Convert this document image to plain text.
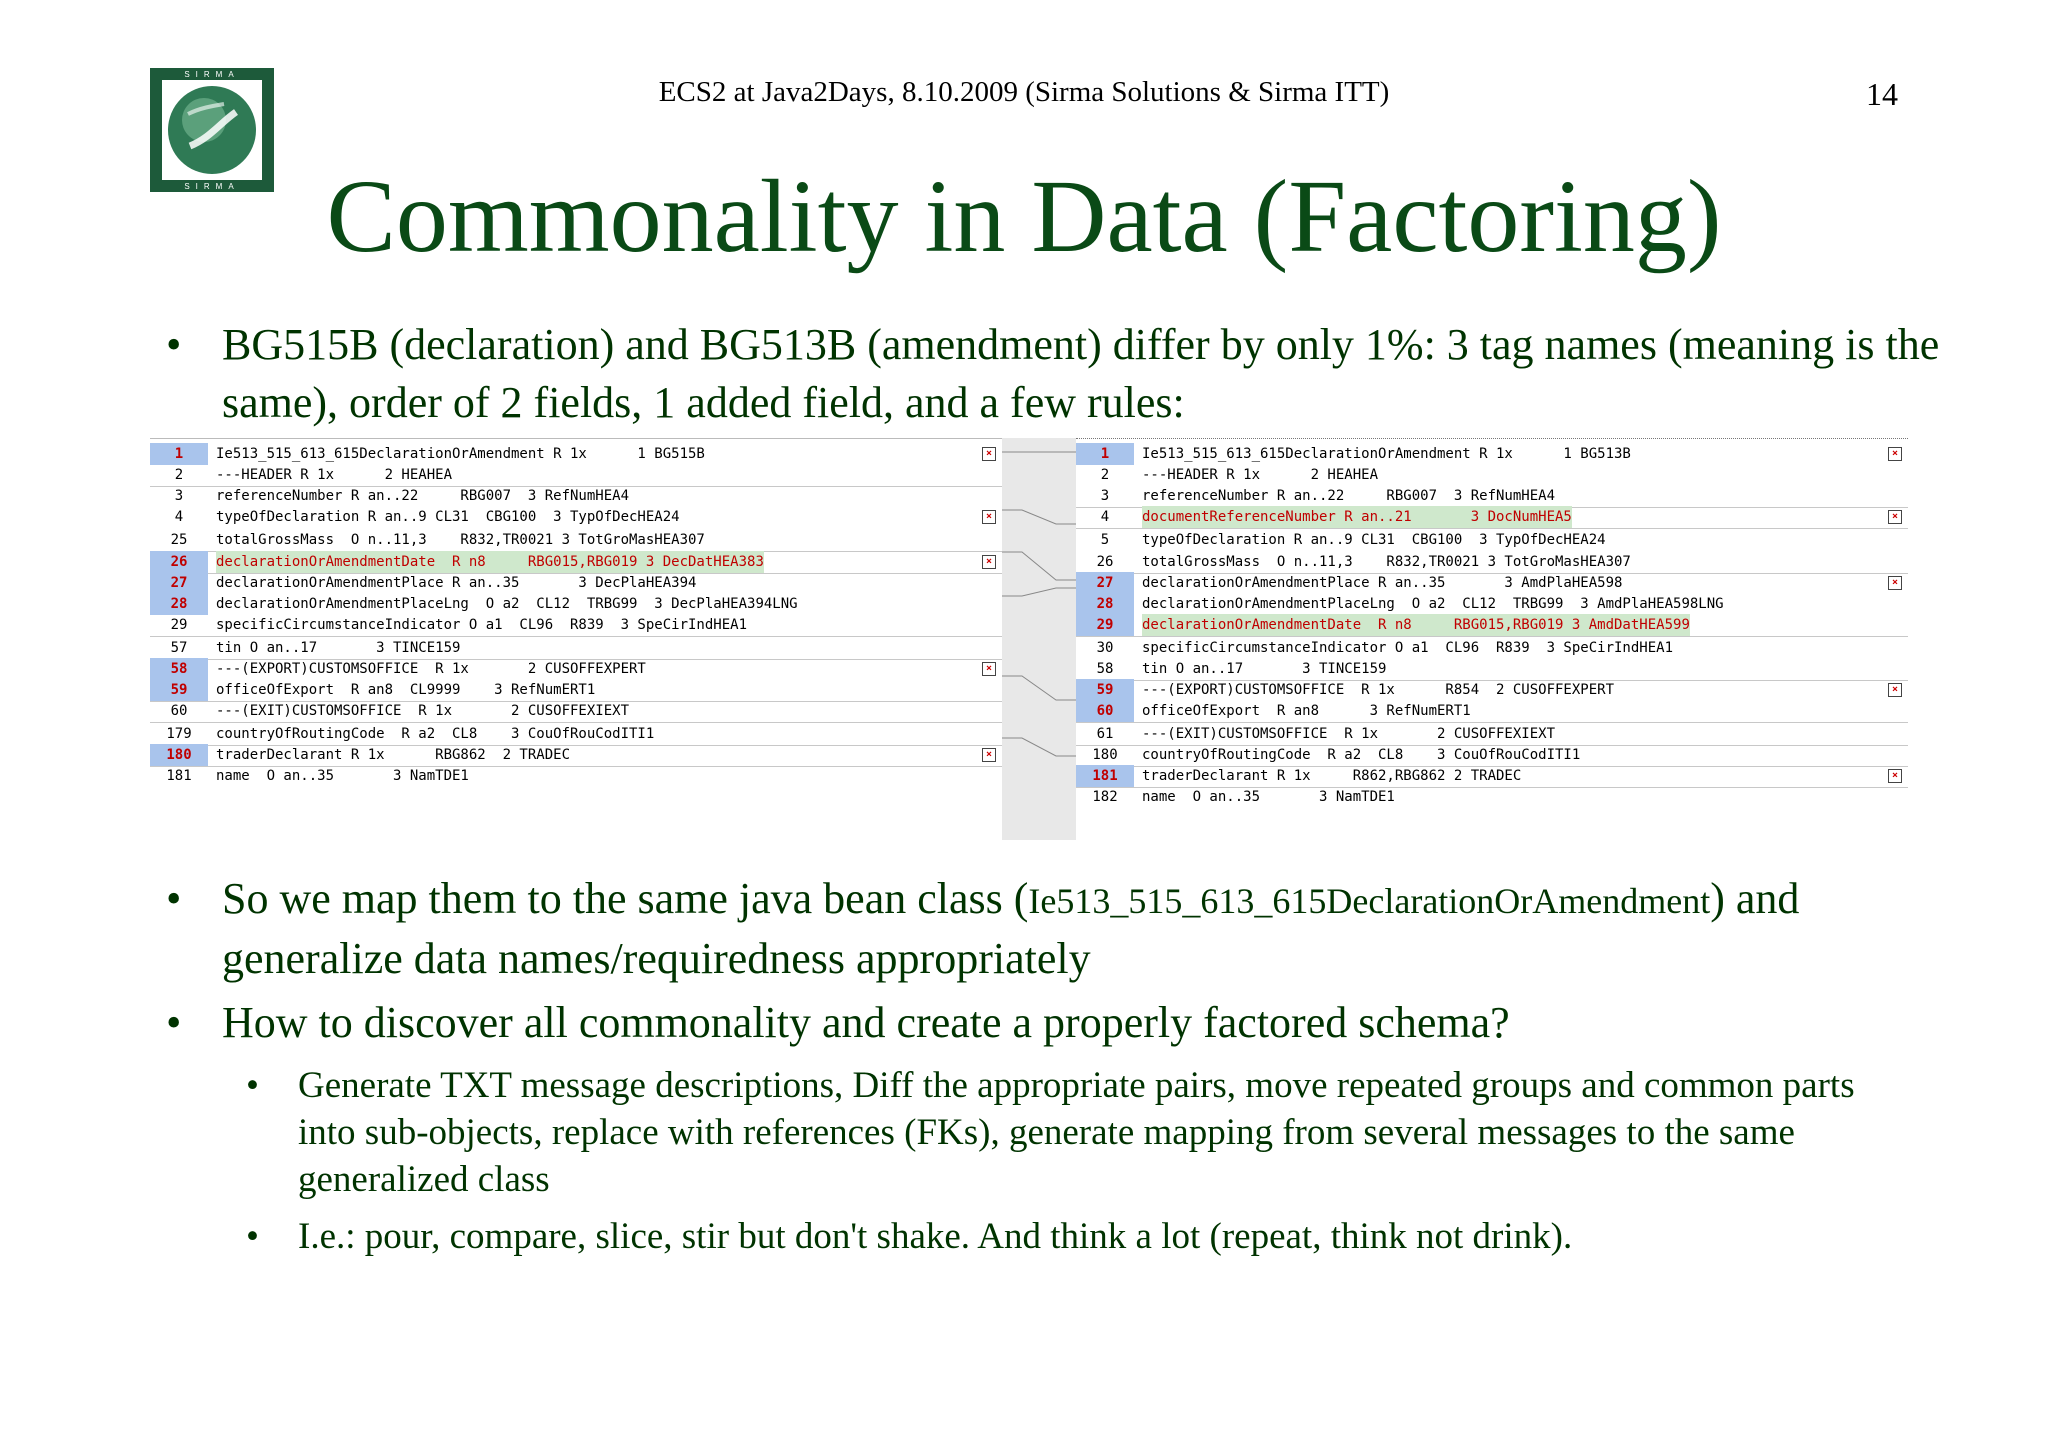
SIRMA
SIRMA
ECS2 at Java2Days, 8.10.2009 (Sirma Solutions & Sirma ITT)	14
Commonality in Data (Factoring)
• BG515B (declaration) and BG513B (amendment) differ by only 1%: 3 tag names (meaning is the same), order of 2 fields, 1 added field, and a few rules:
1	Ie513_515_613_615DeclarationOrAmendment R 1x      1 BG515B	×
2	---HEADER R 1x      2 HEAHEA
3	referenceNumber R an..22     RBG007  3 RefNumHEA4
4	typeOfDeclaration R an..9 CL31  CBG100  3 TypOfDecHEA24	×
25	totalGrossMass  O n..11,3    R832,TR0021 3 TotGroMasHEA307
26	declarationOrAmendmentDate  R n8     RBG015,RBG019 3 DecDatHEA383	×
27	declarationOrAmendmentPlace R an..35       3 DecPlaHEA394
28	declarationOrAmendmentPlaceLng  O a2  CL12  TRBG99  3 DecPlaHEA394LNG
29	specificCircumstanceIndicator O a1  CL96  R839  3 SpeCirIndHEA1
57	tin O an..17       3 TINCE159
58	---(EXPORT)CUSTOMSOFFICE  R 1x       2 CUSOFFEXPERT	×
59	officeOfExport  R an8  CL9999    3 RefNumERT1
60	---(EXIT)CUSTOMSOFFICE  R 1x       2 CUSOFFEXIEXT
179	countryOfRoutingCode  R a2  CL8    3 CouOfRouCodITI1
180	traderDeclarant R 1x      RBG862  2 TRADEC	×
181	name  O an..35       3 NamTDE1
1	Ie513_515_613_615DeclarationOrAmendment R 1x      1 BG513B	×
2	---HEADER R 1x      2 HEAHEA
3	referenceNumber R an..22     RBG007  3 RefNumHEA4
4	documentReferenceNumber R an..21       3 DocNumHEA5	×
5	typeOfDeclaration R an..9 CL31  CBG100  3 TypOfDecHEA24
26	totalGrossMass  O n..11,3    R832,TR0021 3 TotGroMasHEA307
27	declarationOrAmendmentPlace R an..35       3 AmdPlaHEA598	×
28	declarationOrAmendmentPlaceLng  O a2  CL12  TRBG99  3 AmdPlaHEA598LNG
29	declarationOrAmendmentDate  R n8     RBG015,RBG019 3 AmdDatHEA599
30	specificCircumstanceIndicator O a1  CL96  R839  3 SpeCirIndHEA1
58	tin O an..17       3 TINCE159
59	---(EXPORT)CUSTOMSOFFICE  R 1x      R854  2 CUSOFFEXPERT	×
60	officeOfExport  R an8      3 RefNumERT1
61	---(EXIT)CUSTOMSOFFICE  R 1x       2 CUSOFFEXIEXT
180	countryOfRoutingCode  R a2  CL8    3 CouOfRouCodITI1
181	traderDeclarant R 1x     R862,RBG862 2 TRADEC	×
182	name  O an..35       3 NamTDE1
• So we map them to the same java bean class (Ie513_515_613_615DeclarationOrAmendment) and generalize data names/requiredness appropriately
• How to discover all commonality and create a properly factored schema?
• Generate TXT message descriptions, Diff the appropriate pairs, move repeated groups and common parts into sub-objects, replace with references (FKs), generate mapping from several messages to the same generalized class
• I.e.: pour, compare, slice, stir but don't shake. And think a lot (repeat, think not drink).
